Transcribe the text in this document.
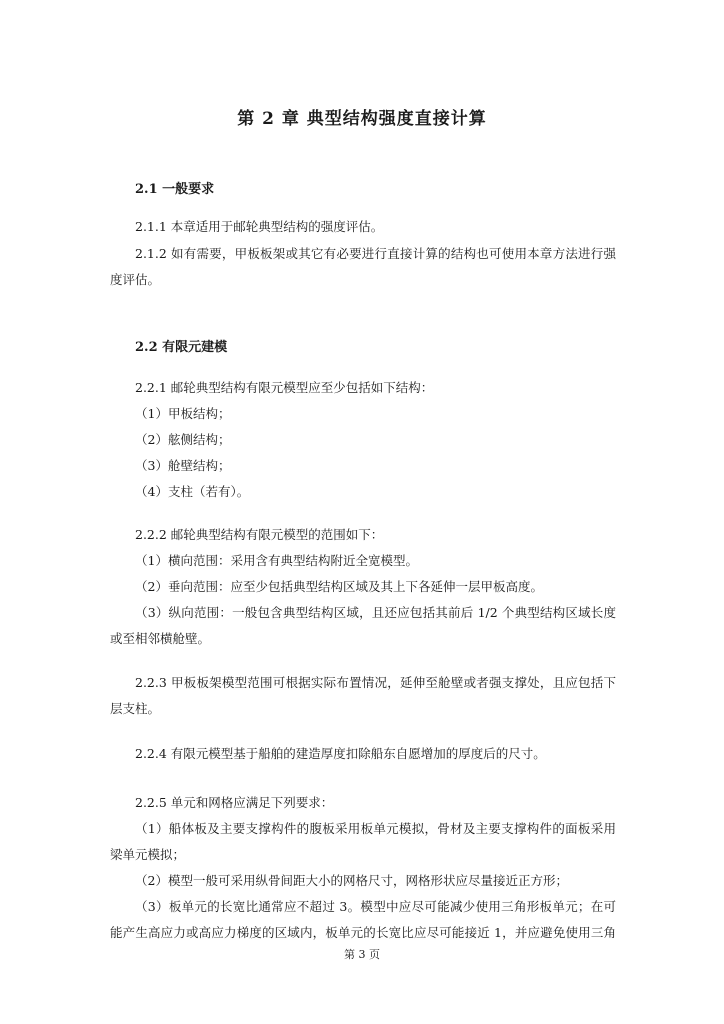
第 2 章 典型结构强度直接计算
2.1 一般要求
2.1.1 本章适用于邮轮典型结构的强度评估。
2.1.2 如有需要，甲板板架或其它有必要进行直接计算的结构也可使用本章方法进行强
度评估。
2.2 有限元建模
2.2.1 邮轮典型结构有限元模型应至少包括如下结构：
（1）甲板结构；
（2）舷侧结构；
（3）舱壁结构；
（4）支柱（若有）。
2.2.2 邮轮典型结构有限元模型的范围如下：
（1）横向范围：采用含有典型结构附近全宽模型。
（2）垂向范围：应至少包括典型结构区域及其上下各延伸一层甲板高度。
（3）纵向范围：一般包含典型结构区域，且还应包括其前后 1/2 个典型结构区域长度
或至相邻横舱壁。
2.2.3 甲板板架模型范围可根据实际布置情况，延伸至舱壁或者强支撑处，且应包括下
层支柱。
2.2.4 有限元模型基于船舶的建造厚度扣除船东自愿增加的厚度后的尺寸。
2.2.5 单元和网格应满足下列要求：
（1）船体板及主要支撑构件的腹板采用板单元模拟，骨材及主要支撑构件的面板采用
梁单元模拟；
（2）模型一般可采用纵骨间距大小的网格尺寸，网格形状应尽量接近正方形；
（3）板单元的长宽比通常应不超过 3。模型中应尽可能减少使用三角形板单元；在可
能产生高应力或高应力梯度的区域内，板单元的长宽比应尽可能接近 1，并应避免使用三角
第 3 页
